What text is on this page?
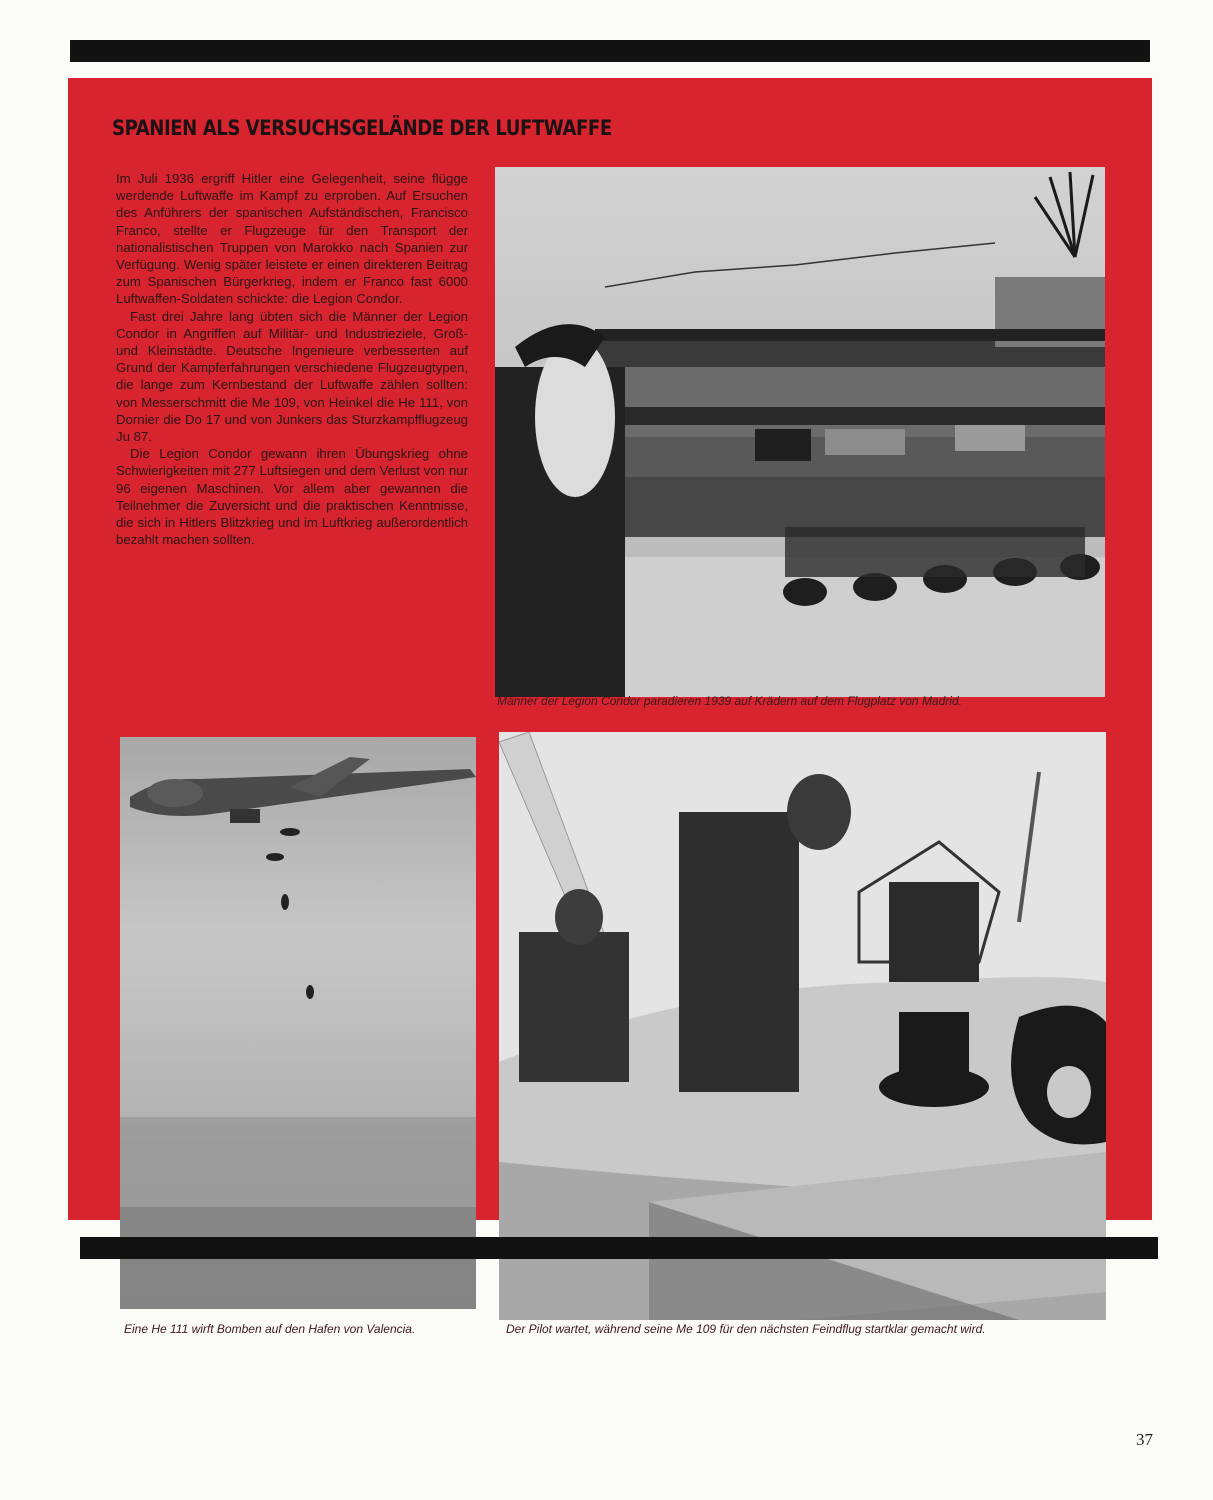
SPANIEN ALS VERSUCHSGELÄNDE DER LUFTWAFFE

Im Juli 1936 ergriff Hitler eine Gelegenheit, seine flügge werdende Luftwaffe im Kampf zu erproben. Auf Ersuchen des Anführers der spanischen Aufständischen, Francisco Franco, stellte er Flugzeuge für den Transport der nationalistischen Truppen von Marokko nach Spanien zur Verfügung. Wenig später leistete er einen direkteren Beitrag zum Spanischen Bürgerkrieg, indem er Franco fast 6000 Luftwaffen-Soldaten schickte: die Legion Condor.

Fast drei Jahre lang übten sich die Männer der Legion Condor in Angriffen auf Militär- und Industrieziele, Groß- und Kleinstädte. Deutsche Ingenieure verbesserten auf Grund der Kampferfahrungen verschiedene Flugzeugtypen, die lange zum Kernbestand der Luftwaffe zählen sollten: von Messerschmitt die Me 109, von Heinkel die He 111, von Dornier die Do 17 und von Junkers das Sturzkampfflugzeug Ju 87.

Die Legion Condor gewann ihren Übungskrieg ohne Schwierigkeiten mit 277 Luftsiegen und dem Verlust von nur 96 eigenen Maschinen. Vor allem aber gewannen die Teilnehmer die Zuversicht und die praktischen Kenntnisse, die sich in Hitlers Blitzkrieg und im Luftkrieg außerordentlich bezahlt machen sollten.

Männer der Legion Condor paradieren 1939 auf Krädern auf dem Flugplatz von Madrid.

Eine He 111 wirft Bomben auf den Hafen von Valencia.	Der Pilot wartet, während seine Me 109 für den nächsten Feindflug startklar gemacht wird.

37
